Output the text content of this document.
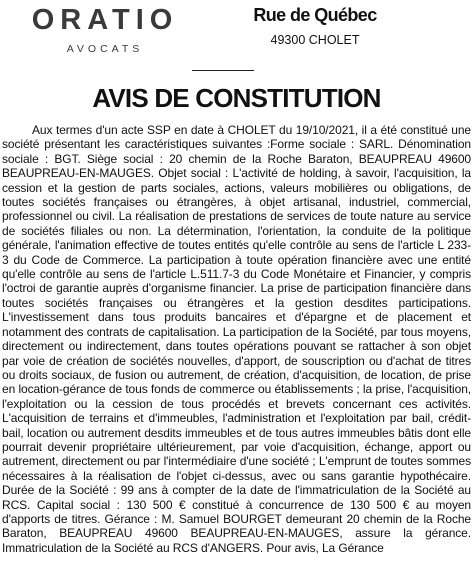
ORATIO
AVOCATS
Rue de Québec
49300 CHOLET
AVIS DE CONSTITUTION

Aux termes d'un acte SSP en date à CHOLET du 19/10/2021, il a été constitué une société présentant les caractéristiques suivantes :Forme sociale : SARL. Dénomination sociale : BGT. Siège social : 20 chemin de la Roche Baraton, BEAUPREAU 49600 BEAUPREAU-EN-MAUGES. Objet social : L'activité de holding, à savoir, l'acquisition, la cession et la gestion de parts sociales, actions, valeurs mobilières ou obligations, de toutes sociétés françaises ou étrangères, à objet artisanal, industriel, commercial, professionnel ou civil. La réalisation de prestations de services de toute nature au service de sociétés filiales ou non. La détermination, l'orientation, la conduite de la politique générale, l'animation effective de toutes entités qu'elle contrôle au sens de l'article L 233-3 du Code de Commerce. La participation à toute opération financière avec une entité qu'elle contrôle au sens de l'article L.511.7-3 du Code Monétaire et Financier, y compris l'octroi de garantie auprès d'organisme financier. La prise de participation financière dans toutes sociétés françaises ou étrangères et la gestion desdites participations. L'investissement dans tous produits bancaires et d'épargne et de placement et notamment des contrats de capitalisation. La participation de la Société, par tous moyens, directement ou indirectement, dans toutes opérations pouvant se rattacher à son objet par voie de création de sociétés nouvelles, d'apport, de souscription ou d'achat de titres ou droits sociaux, de fusion ou autrement, de création, d'acquisition, de location, de prise en location-gérance de tous fonds de commerce ou établissements ; la prise, l'acquisition, l'exploitation ou la cession de tous procédés et brevets concernant ces activités. L'acquisition de terrains et d'immeubles, l'administration et l'exploitation par bail, crédit-bail, location ou autrement desdits immeubles et de tous autres immeubles bâtis dont elle pourrait devenir propriétaire ultérieurement, par voie d'acquisition, échange, apport ou autrement, directement ou par l'intermédiaire d'une société ; L'emprunt de toutes sommes nécessaires à la réalisation de l'objet ci-dessus, avec ou sans garantie hypothécaire. Durée de la Société : 99 ans à compter de la date de l'immatriculation de la Société au RCS. Capital social : 130 500 € constitué à concurrence de 130 500 € au moyen d'apports de titres. Gérance : M. Samuel BOURGET demeurant 20 chemin de la Roche Baraton, BEAUPREAU 49600 BEAUPREAU-EN-MAUGES, assure la gérance. Immatriculation de la Société au RCS d'ANGERS. Pour avis, La Gérance
